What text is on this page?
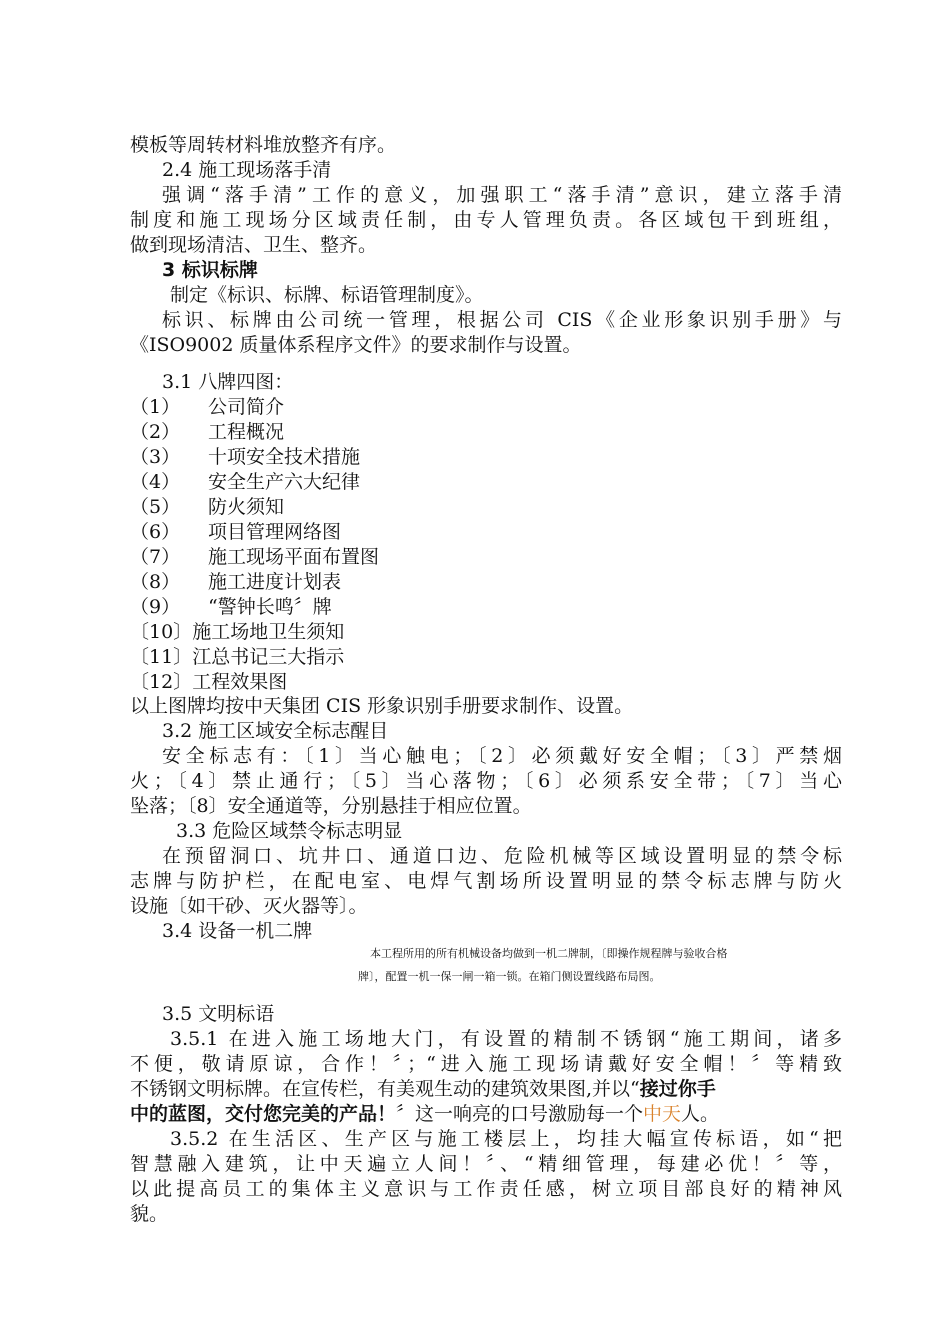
模板等周转材料堆放整齐有序。
2.4 施工现场落手清
强调“落手清”工作的意义，加强职工“落手清”意识，建立落手清
制度和施工现场分区域责任制，由专人管理负责。各区域包干到班组，
做到现场清洁、卫生、整齐。
3 标识标牌
制定《标识、标牌、标语管理制度》。
标识、标牌由公司统一管理，根据公司 CIS《企业形象识别手册》与
《ISO9002 质量体系程序文件》的要求制作与设置。
3.1 八牌四图：
（1） 公司简介
（2） 工程概况
（3） 十项安全技术措施
（4） 安全生产六大纪律
（5） 防火须知
（6） 项目管理网络图
（7） 施工现场平面布置图
（8） 施工进度计划表
（9） “警钟长鸣〞牌
〔10〕施工场地卫生须知
〔11〕江总书记三大指示
〔12〕工程效果图
以上图牌均按中天集团 CIS 形象识别手册要求制作、设置。
3.2 施工区域安全标志醒目
安全标志有：〔1〕当心触电；〔2〕必须戴好安全帽；〔3〕严禁烟
火；〔4〕禁止通行；〔5〕当心落物；〔6〕必须系安全带；〔7〕当心
坠落；〔8〕安全通道等，分别悬挂于相应位置。
3.3 危险区域禁令标志明显
在预留洞口、坑井口、通道口边、危险机械等区域设置明显的禁令标
志牌与防护栏，在配电室、电焊气割场所设置明显的禁令标志牌与防火
设施〔如干砂、灭火器等〕。
3.4 设备一机二牌
本工程所用的所有机械设备均做到一机二牌制，〔即操作规程牌与验收合格
牌〕，配置一机一保一闸一箱一锁。在箱门侧设置线路布局图。
3.5 文明标语
3.5.1 在进入施工场地大门，有设置的精制不锈钢“施工期间，诸多
不便，敬请原谅，合作！〞；“进入施工现场请戴好安全帽！〞等精致
不锈钢文明标牌。在宣传栏，有美观生动的建筑效果图,并以“接过你手
中的蓝图，交付您完美的产品！〞这一响亮的口号激励每一个中天人。
3.5.2 在生活区、生产区与施工楼层上，均挂大幅宣传标语，如“把
智慧融入建筑，让中天遍立人间！〞、“精细管理，每建必优！〞等，
以此提高员工的集体主义意识与工作责任感，树立项目部良好的精神风
貌。
